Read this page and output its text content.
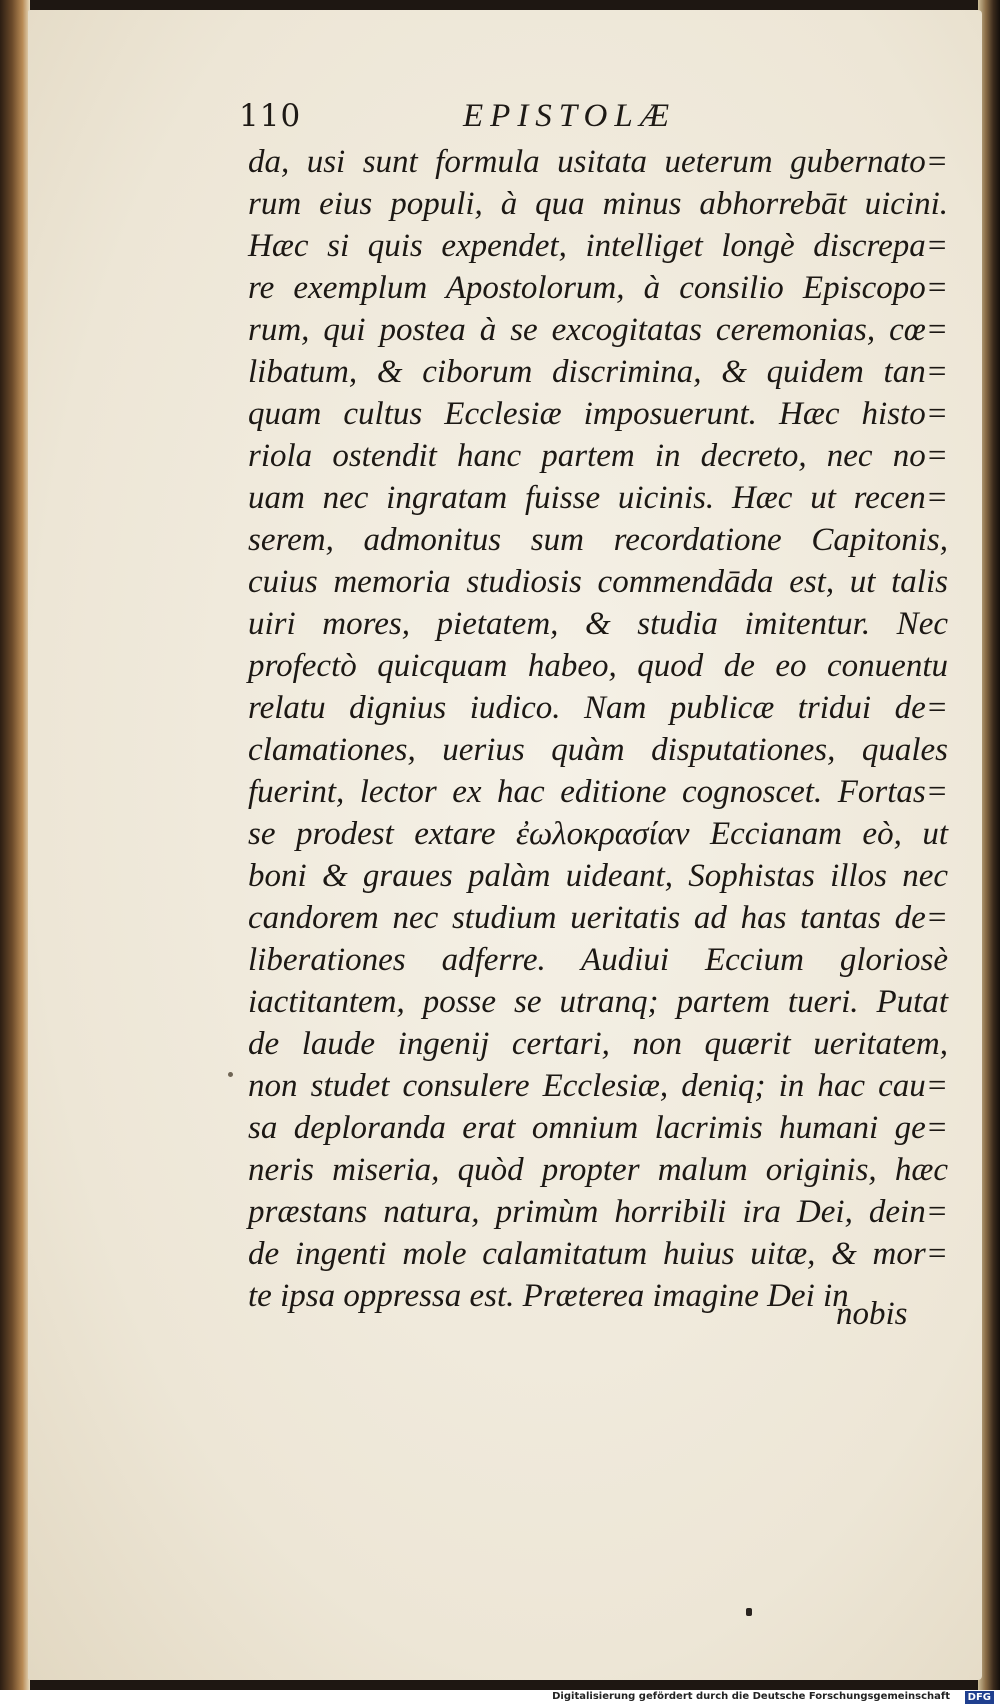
110	EPISTOLÆ
da, usi sunt formula usitata ueterum gubernato=
rum eius populi, à qua minus abhorrebāt uicini.
Hæc si quis expendet, intelliget longè discrepa=
re exemplum Apostolorum, à consilio Episcopo=
rum, qui postea à se excogitatas ceremonias, cœ=
libatum, & ciborum discrimina, & quidem tan=
quam cultus Ecclesiæ imposuerunt. Hæc histo=
riola ostendit hanc partem in decreto, nec no=
uam nec ingratam fuisse uicinis. Hæc ut recen=
serem, admonitus sum recordatione Capitonis,
cuius memoria studiosis commendāda est, ut talis
uiri mores, pietatem, & studia imitentur. Nec
profectò quicquam habeo, quod de eo conuentu
relatu dignius iudico. Nam publicæ tridui de=
clamationes, uerius quàm disputationes, quales
fuerint, lector ex hac editione cognoscet. Fortas=
se prodest extare ἐωλοκρασίαν Eccianam eò, ut
boni & graues palàm uideant, Sophistas illos nec
candorem nec studium ueritatis ad has tantas de=
liberationes adferre. Audiui Eccium gloriosè
iactitantem, posse se utranq; partem tueri. Putat
de laude ingenij certari, non quærit ueritatem,
non studet consulere Ecclesiæ, deniq; in hac cau=
sa deploranda erat omnium lacrimis humani ge=
neris miseria, quòd propter malum originis, hæc
præstans natura, primùm horribili ira Dei, dein=
de ingenti mole calamitatum huius uitæ, & mor=
te ipsa oppressa est. Præterea imagine Dei in
nobis
Digitalisierung gefördert durch die Deutsche Forschungsgemeinschaft	DFG
